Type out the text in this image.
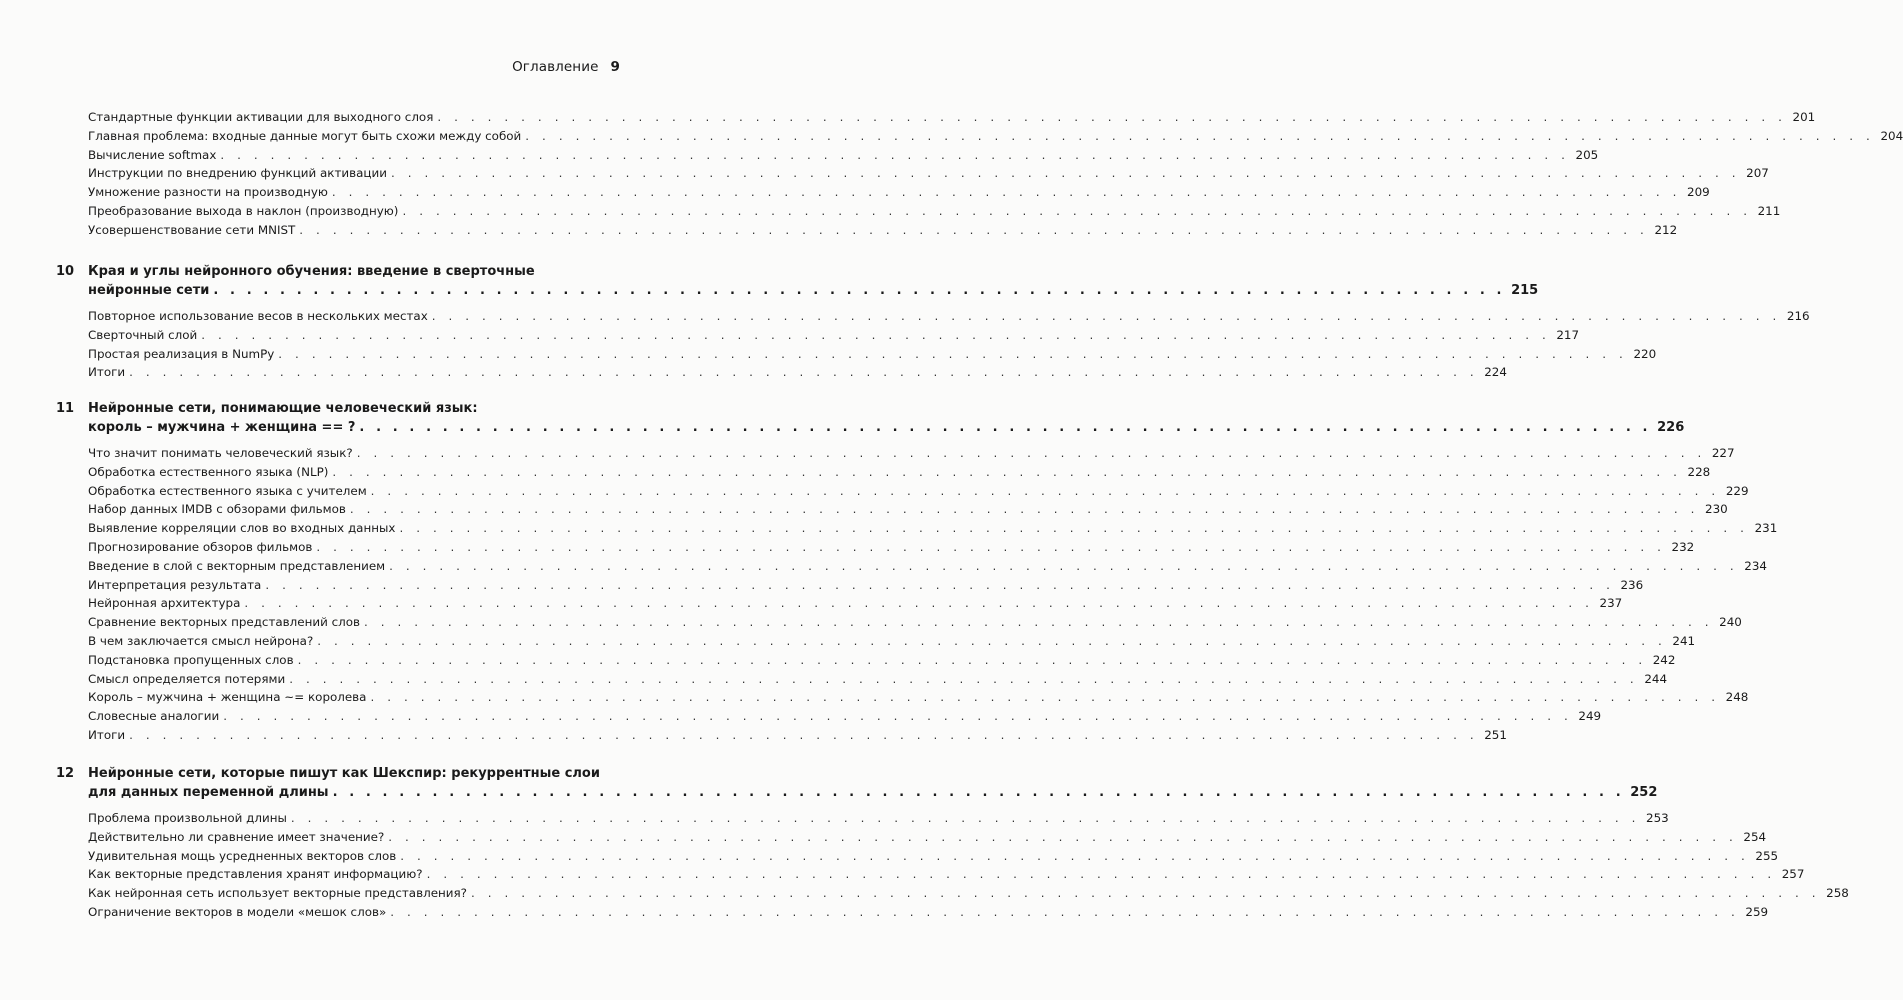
Оглавление 9
Стандартные функции активации для выходного слоя . . . . . . . . . . . . . . . . . . . . . . . . . . . . . . . . . . . . . . . . . . . . . . . . . . . . . . . . . . . . . . . . . . . . . . . . . . . . . . . . . 201
Главная проблема: входные данные могут быть схожи между собой . . . . . . . . . . . . . . . . . . . . . . . . . . . . . . . . . . . . . . . . . . . . . . . . . . . . . . . . . . . . . . . . . . . . . . . . . . . . . . . . . 204
Вычисление softmax . . . . . . . . . . . . . . . . . . . . . . . . . . . . . . . . . . . . . . . . . . . . . . . . . . . . . . . . . . . . . . . . . . . . . . . . . . . . . . . . . 205
Инструкции по внедрению функций активации . . . . . . . . . . . . . . . . . . . . . . . . . . . . . . . . . . . . . . . . . . . . . . . . . . . . . . . . . . . . . . . . . . . . . . . . . . . . . . . . . 207
Умножение разности на производную . . . . . . . . . . . . . . . . . . . . . . . . . . . . . . . . . . . . . . . . . . . . . . . . . . . . . . . . . . . . . . . . . . . . . . . . . . . . . . . . . 209
Преобразование выхода в наклон (производную) . . . . . . . . . . . . . . . . . . . . . . . . . . . . . . . . . . . . . . . . . . . . . . . . . . . . . . . . . . . . . . . . . . . . . . . . . . . . . . . . . 211
Усовершенствование сети MNIST . . . . . . . . . . . . . . . . . . . . . . . . . . . . . . . . . . . . . . . . . . . . . . . . . . . . . . . . . . . . . . . . . . . . . . . . . . . . . . . . . 212
10 Края и углы нейронного обучения: введение в сверточные
нейронные сети . . . . . . . . . . . . . . . . . . . . . . . . . . . . . . . . . . . . . . . . . . . . . . . . . . . . . . . . . . . . . . . . . . . . . . . . . . . . . . 215
Повторное использование весов в нескольких местах . . . . . . . . . . . . . . . . . . . . . . . . . . . . . . . . . . . . . . . . . . . . . . . . . . . . . . . . . . . . . . . . . . . . . . . . . . . . . . . . . 216
Сверточный слой . . . . . . . . . . . . . . . . . . . . . . . . . . . . . . . . . . . . . . . . . . . . . . . . . . . . . . . . . . . . . . . . . . . . . . . . . . . . . . . . . 217
Простая реализация в NumPy . . . . . . . . . . . . . . . . . . . . . . . . . . . . . . . . . . . . . . . . . . . . . . . . . . . . . . . . . . . . . . . . . . . . . . . . . . . . . . . . . 220
Итоги . . . . . . . . . . . . . . . . . . . . . . . . . . . . . . . . . . . . . . . . . . . . . . . . . . . . . . . . . . . . . . . . . . . . . . . . . . . . . . . . . 224
11 Нейронные сети, понимающие человеческий язык:
король – мужчина + женщина == ? . . . . . . . . . . . . . . . . . . . . . . . . . . . . . . . . . . . . . . . . . . . . . . . . . . . . . . . . . . . . . . . . . . . . . . . . . . . . . . 226
Что значит понимать человеческий язык? . . . . . . . . . . . . . . . . . . . . . . . . . . . . . . . . . . . . . . . . . . . . . . . . . . . . . . . . . . . . . . . . . . . . . . . . . . . . . . . . . 227
Обработка естественного языка (NLP) . . . . . . . . . . . . . . . . . . . . . . . . . . . . . . . . . . . . . . . . . . . . . . . . . . . . . . . . . . . . . . . . . . . . . . . . . . . . . . . . . 228
Обработка естественного языка с учителем . . . . . . . . . . . . . . . . . . . . . . . . . . . . . . . . . . . . . . . . . . . . . . . . . . . . . . . . . . . . . . . . . . . . . . . . . . . . . . . . . 229
Набор данных IMDB с обзорами фильмов . . . . . . . . . . . . . . . . . . . . . . . . . . . . . . . . . . . . . . . . . . . . . . . . . . . . . . . . . . . . . . . . . . . . . . . . . . . . . . . . . 230
Выявление корреляции слов во входных данных . . . . . . . . . . . . . . . . . . . . . . . . . . . . . . . . . . . . . . . . . . . . . . . . . . . . . . . . . . . . . . . . . . . . . . . . . . . . . . . . . 231
Прогнозирование обзоров фильмов . . . . . . . . . . . . . . . . . . . . . . . . . . . . . . . . . . . . . . . . . . . . . . . . . . . . . . . . . . . . . . . . . . . . . . . . . . . . . . . . . 232
Введение в слой с векторным представлением . . . . . . . . . . . . . . . . . . . . . . . . . . . . . . . . . . . . . . . . . . . . . . . . . . . . . . . . . . . . . . . . . . . . . . . . . . . . . . . . . 234
Интерпретация результата . . . . . . . . . . . . . . . . . . . . . . . . . . . . . . . . . . . . . . . . . . . . . . . . . . . . . . . . . . . . . . . . . . . . . . . . . . . . . . . . . 236
Нейронная архитектура . . . . . . . . . . . . . . . . . . . . . . . . . . . . . . . . . . . . . . . . . . . . . . . . . . . . . . . . . . . . . . . . . . . . . . . . . . . . . . . . . 237
Сравнение векторных представлений слов . . . . . . . . . . . . . . . . . . . . . . . . . . . . . . . . . . . . . . . . . . . . . . . . . . . . . . . . . . . . . . . . . . . . . . . . . . . . . . . . . 240
В чем заключается смысл нейрона? . . . . . . . . . . . . . . . . . . . . . . . . . . . . . . . . . . . . . . . . . . . . . . . . . . . . . . . . . . . . . . . . . . . . . . . . . . . . . . . . . 241
Подстановка пропущенных слов . . . . . . . . . . . . . . . . . . . . . . . . . . . . . . . . . . . . . . . . . . . . . . . . . . . . . . . . . . . . . . . . . . . . . . . . . . . . . . . . . 242
Смысл определяется потерями . . . . . . . . . . . . . . . . . . . . . . . . . . . . . . . . . . . . . . . . . . . . . . . . . . . . . . . . . . . . . . . . . . . . . . . . . . . . . . . . . 244
Король – мужчина + женщина ~= королева . . . . . . . . . . . . . . . . . . . . . . . . . . . . . . . . . . . . . . . . . . . . . . . . . . . . . . . . . . . . . . . . . . . . . . . . . . . . . . . . . 248
Словесные аналогии . . . . . . . . . . . . . . . . . . . . . . . . . . . . . . . . . . . . . . . . . . . . . . . . . . . . . . . . . . . . . . . . . . . . . . . . . . . . . . . . . 249
Итоги . . . . . . . . . . . . . . . . . . . . . . . . . . . . . . . . . . . . . . . . . . . . . . . . . . . . . . . . . . . . . . . . . . . . . . . . . . . . . . . . . 251
12 Нейронные сети, которые пишут как Шекспир: рекуррентные слои
для данных переменной длины . . . . . . . . . . . . . . . . . . . . . . . . . . . . . . . . . . . . . . . . . . . . . . . . . . . . . . . . . . . . . . . . . . . . . . . . . . . . . . 252
Проблема произвольной длины . . . . . . . . . . . . . . . . . . . . . . . . . . . . . . . . . . . . . . . . . . . . . . . . . . . . . . . . . . . . . . . . . . . . . . . . . . . . . . . . . 253
Действительно ли сравнение имеет значение? . . . . . . . . . . . . . . . . . . . . . . . . . . . . . . . . . . . . . . . . . . . . . . . . . . . . . . . . . . . . . . . . . . . . . . . . . . . . . . . . . 254
Удивительная мощь усредненных векторов слов . . . . . . . . . . . . . . . . . . . . . . . . . . . . . . . . . . . . . . . . . . . . . . . . . . . . . . . . . . . . . . . . . . . . . . . . . . . . . . . . . 255
Как векторные представления хранят информацию? . . . . . . . . . . . . . . . . . . . . . . . . . . . . . . . . . . . . . . . . . . . . . . . . . . . . . . . . . . . . . . . . . . . . . . . . . . . . . . . . . 257
Как нейронная сеть использует векторные представления? . . . . . . . . . . . . . . . . . . . . . . . . . . . . . . . . . . . . . . . . . . . . . . . . . . . . . . . . . . . . . . . . . . . . . . . . . . . . . . . . . 258
Ограничение векторов в модели «мешок слов» . . . . . . . . . . . . . . . . . . . . . . . . . . . . . . . . . . . . . . . . . . . . . . . . . . . . . . . . . . . . . . . . . . . . . . . . . . . . . . . . . 259
